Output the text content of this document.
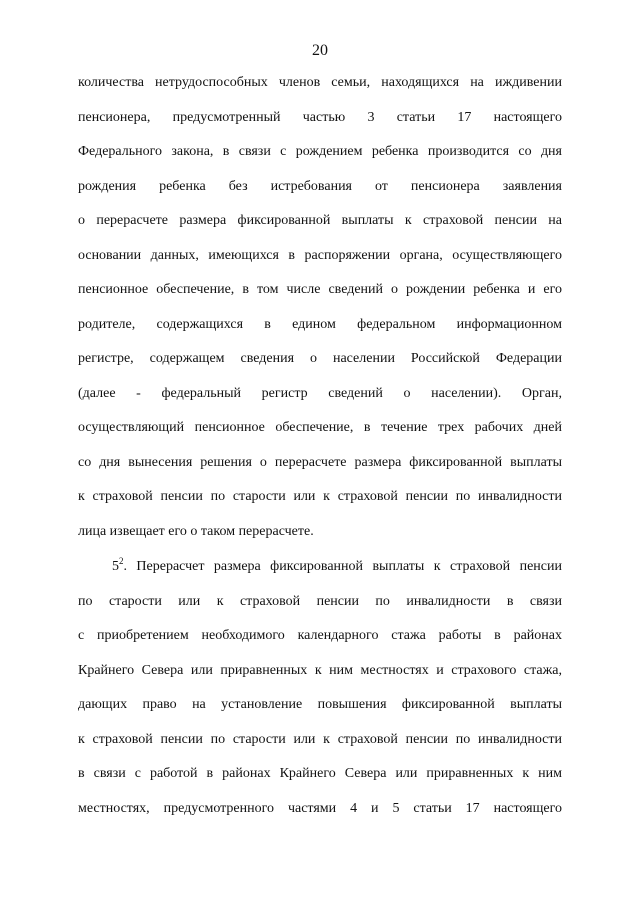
20
количества нетрудоспособных членов семьи, находящихся на иждивении
пенсионера, предусмотренный частью 3 статьи 17 настоящего
Федерального закона, в связи с рождением ребенка производится со дня
рождения ребенка без истребования от пенсионера заявления
о перерасчете размера фиксированной выплаты к страховой пенсии на
основании данных, имеющихся в распоряжении органа, осуществляющего
пенсионное обеспечение, в том числе сведений о рождении ребенка и его
родителе, содержащихся в едином федеральном информационном
регистре, содержащем сведения о населении Российской Федерации
(далее - федеральный регистр сведений о населении). Орган,
осуществляющий пенсионное обеспечение, в течение трех рабочих дней
со дня вынесения решения о перерасчете размера фиксированной выплаты
к страховой пенсии по старости или к страховой пенсии по инвалидности
лица извещает его о таком перерасчете.
$5^2$. Перерасчет размера фиксированной выплаты к страховой пенсии
по старости или к страховой пенсии по инвалидности в связи
с приобретением необходимого календарного стажа работы в районах
Крайнего Севера или приравненных к ним местностях и страхового стажа,
дающих право на установление повышения фиксированной выплаты
к страховой пенсии по старости или к страховой пенсии по инвалидности
в связи с работой в районах Крайнего Севера или приравненных к ним
местностях, предусмотренного частями 4 и 5 статьи 17 настоящего
